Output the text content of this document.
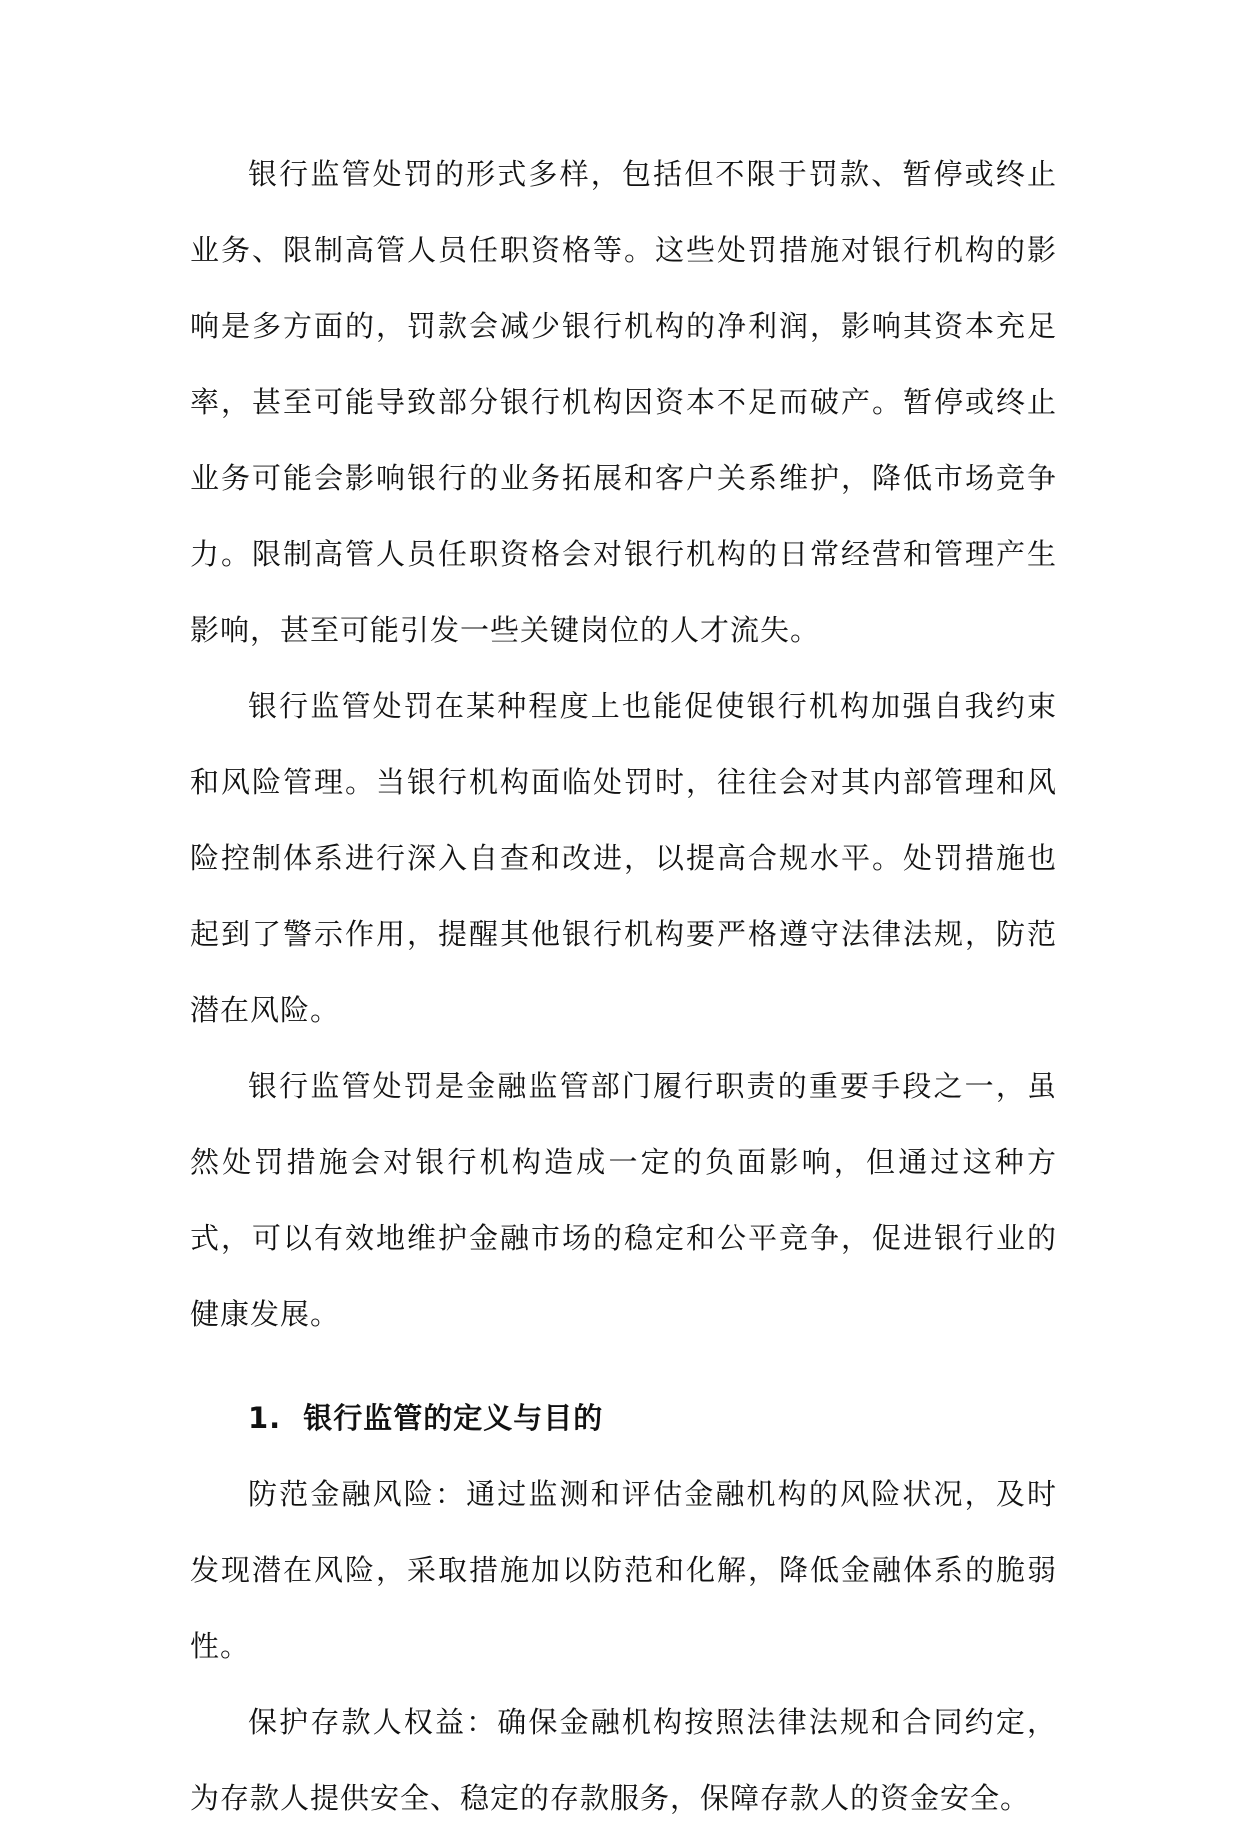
银行监管处罚的形式多样，包括但不限于罚款、暂停或终止业务、限制高管人员任职资格等。这些处罚措施对银行机构的影响是多方面的，罚款会减少银行机构的净利润，影响其资本充足率，甚至可能导致部分银行机构因资本不足而破产。暂停或终止业务可能会影响银行的业务拓展和客户关系维护，降低市场竞争力。限制高管人员任职资格会对银行机构的日常经营和管理产生影响，甚至可能引发一些关键岗位的人才流失。

银行监管处罚在某种程度上也能促使银行机构加强自我约束和风险管理。当银行机构面临处罚时，往往会对其内部管理和风险控制体系进行深入自查和改进，以提高合规水平。处罚措施也起到了警示作用，提醒其他银行机构要严格遵守法律法规，防范潜在风险。

银行监管处罚是金融监管部门履行职责的重要手段之一，虽然处罚措施会对银行机构造成一定的负面影响，但通过这种方式，可以有效地维护金融市场的稳定和公平竞争，促进银行业的健康发展。

1. 银行监管的定义与目的

防范金融风险：通过监测和评估金融机构的风险状况，及时发现潜在风险，采取措施加以防范和化解，降低金融体系的脆弱性。

保护存款人权益：确保金融机构按照法律法规和合同约定，为存款人提供安全、稳定的存款服务，保障存款人的资金安全。
